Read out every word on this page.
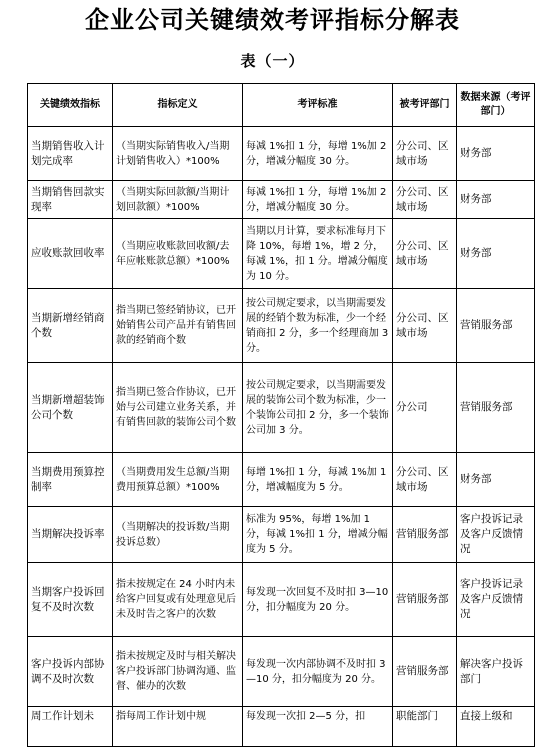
企业公司关键绩效考评指标分解表
表（一）
关键绩效指标	指标定义	考评标准	被考评部门	数据来源（考评部门）
当期销售收入计划完成率	（当期实际销售收入/当期计划销售收入）*100%	每减 1%扣 1 分，每增 1%加 2 分，增减分幅度 30 分。	分公司、区域市场	财务部
当期销售回款实现率	（当期实际回款额/当期计划回款额）*100%	每减 1%扣 1 分，每增 1%加 2 分，增减分幅度 30 分。	分公司、区域市场	财务部
应收账款回收率	（当期应收账款回收额/去年应帐账款总额）*100%	当期以月计算，要求标准每月下降 10%，每增 1%，增 2 分，每减 1%，扣 1 分。增减分幅度为 10 分。	分公司、区域市场	财务部
当期新增经销商个数	指当期已签经销协议，已开始销售公司产品并有销售回款的经销商个数	按公司规定要求，以当期需要发展的经销个数为标准，少一个经销商扣 2 分，多一个经理商加 3 分。	分公司、区域市场	营销服务部
当期新增超装饰公司个数	指当期已签合作协议，已开始与公司建立业务关系，并有销售回款的装饰公司个数	按公司规定要求，以当期需要发展的装饰公司个数为标准，少一个装饰公司扣 2 分，多一个装饰公司加 3 分。	分公司	营销服务部
当期费用预算控制率	（当期费用发生总额/当期费用预算总额）*100%	每增 1%扣 1 分，每减 1%加 1 分，增减幅度为 5 分。	分公司、区域市场	财务部
当期解决投诉率	（当期解决的投诉数/当期投诉总数）	标准为 95%，每增 1%加 1 分，每减 1%扣 1 分，增减分幅度为 5 分。	营销服务部	客户投诉记录及客户反馈情况
当期客户投诉回复不及时次数	指未按规定在 24 小时内未给客户回复或有处理意见后未及时告之客户的次数	每发现一次回复不及时扣 3—10 分，扣分幅度为 20 分。	营销服务部	客户投诉记录及客户反馈情况
客户投诉内部协调不及时次数	指未按规定及时与相关解决客户投诉部门协调沟通、监督、催办的次数	每发现一次内部协调不及时扣 3—10 分，扣分幅度为 20 分。	营销服务部	解决客户投诉部门
周工作计划未	指每周工作计划中规	每发现一次扣 2—5 分，扣	职能部门	直接上级和
